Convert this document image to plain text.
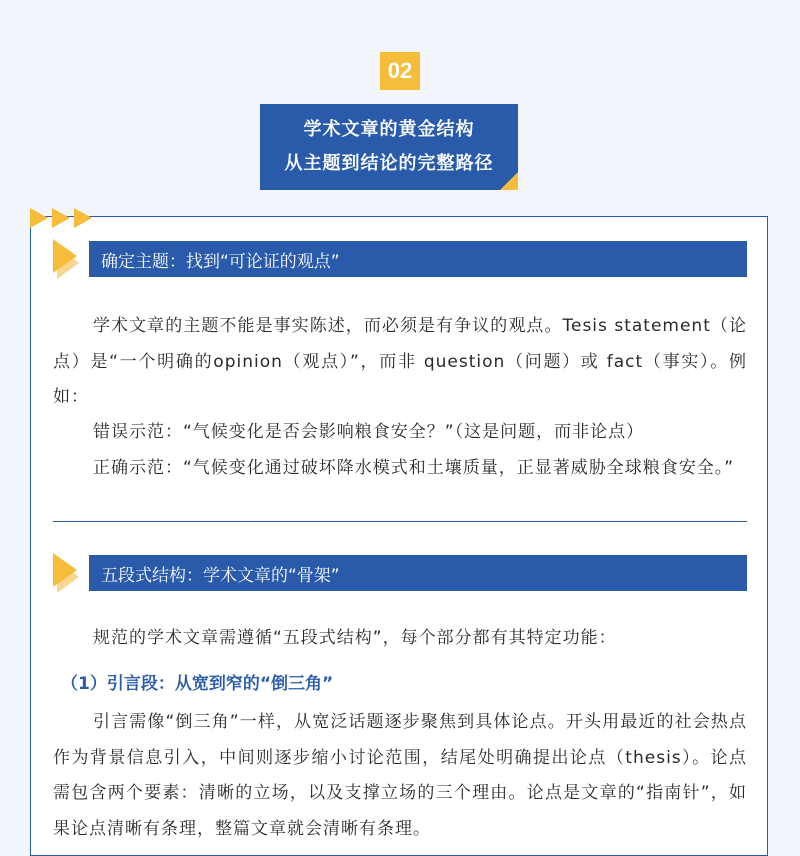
02
学术文章的黄金结构
从主题到结论的完整路径
确定主题：找到“可论证的观点”

学术文章的主题不能是事实陈述，而必须是有争议的观点。Tesis statement（论点）是“一个明确的opinion（观点）”，而非 question（问题）或 fact（事实）。例如：

错误示范：“气候变化是否会影响粮食安全？”（这是问题，而非论点）

正确示范：“气候变化通过破坏降水模式和土壤质量，正显著威胁全球粮食安全。”

五段式结构：学术文章的“骨架”

规范的学术文章需遵循“五段式结构”，每个部分都有其特定功能：

（1）引言段：从宽到窄的“倒三角”

引言需像“倒三角”一样，从宽泛话题逐步聚焦到具体论点。开头用最近的社会热点作为背景信息引入，中间则逐步缩小讨论范围，结尾处明确提出论点（thesis）。论点需包含两个要素：清晰的立场，以及支撑立场的三个理由。论点是文章的“指南针”，如果论点清晰有条理，整篇文章就会清晰有条理。
